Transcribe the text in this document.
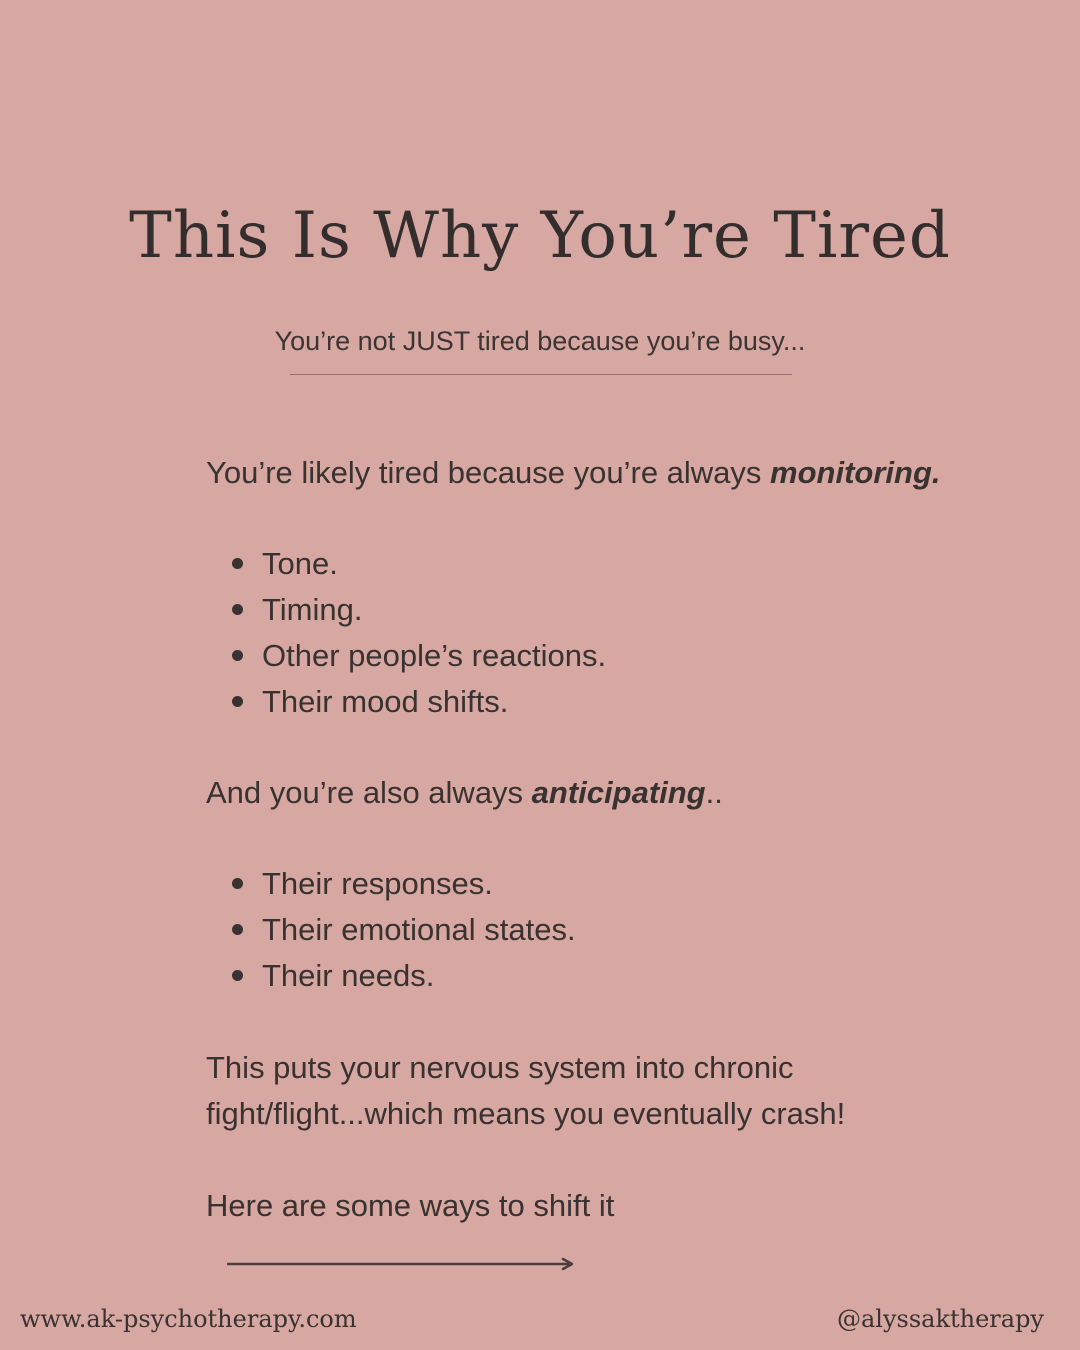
This Is Why You’re Tired
You’re not JUST tired because you’re busy...

You’re likely tired because you’re always monitoring.

Tone.
Timing.
Other people’s reactions.
Their mood shifts.

And you’re also always anticipating..

Their responses.
Their emotional states.
Their needs.

This puts your nervous system into chronic
fight/flight...which means you eventually crash!

Here are some ways to shift it

www.ak-psychotherapy.com	@alyssaktherapy
